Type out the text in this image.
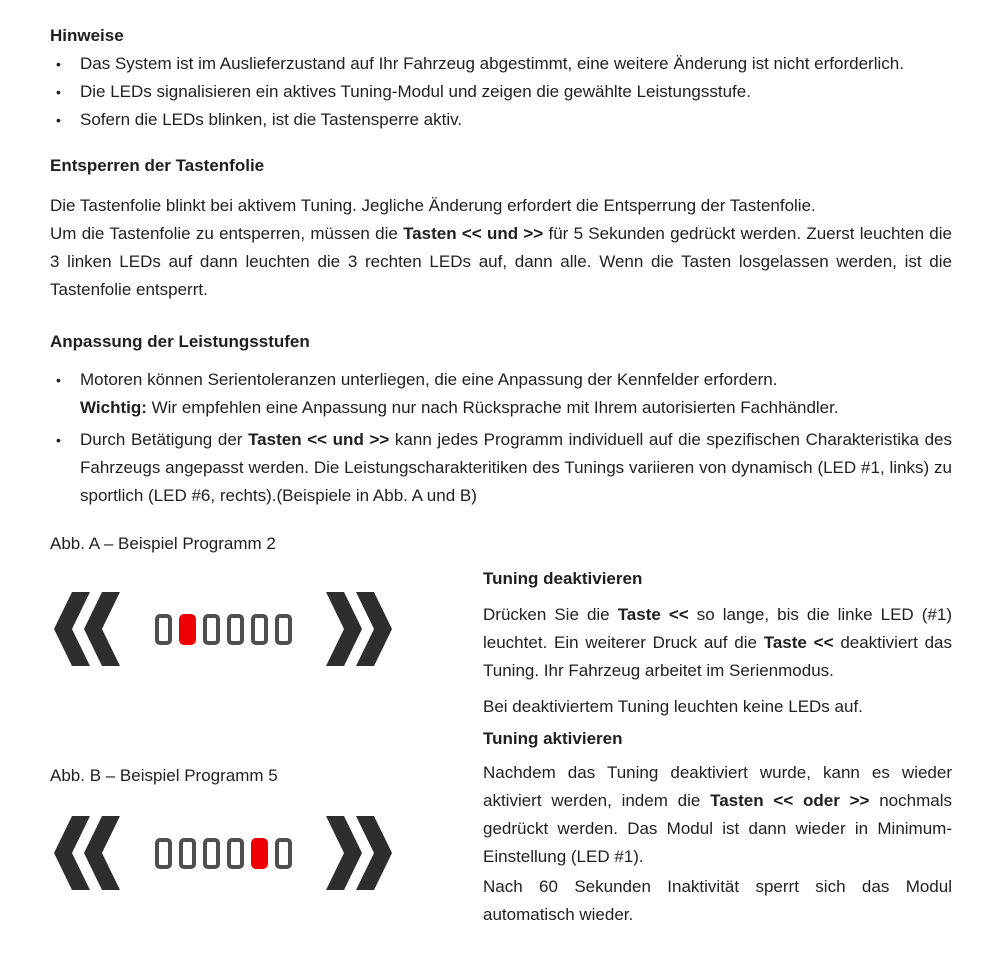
Hinweise
•	Das System ist im Auslieferzustand auf Ihr Fahrzeug abgestimmt, eine weitere Änderung ist nicht erforderlich.

•	Die LEDs signalisieren ein aktives Tuning-Modul und zeigen die gewählte Leistungsstufe.

•	Sofern die LEDs blinken, ist die Tastensperre aktiv.

Entsperren der Tastenfolie

Die Tastenfolie blinkt bei aktivem Tuning. Jegliche Änderung erfordert die Entsperrung der Tastenfolie.

Um die Tastenfolie zu entsperren, müssen die Tasten << und >> für 5 Sekunden gedrückt werden. Zuerst leuchten die 3 linken LEDs auf dann leuchten die 3 rechten LEDs auf, dann alle. Wenn die Tasten losgelassen werden, ist die Tastenfolie entsperrt.

Anpassung der Leistungsstufen
•	Motoren können Serientoleranzen unterliegen, die eine Anpassung der Kennfelder erfordern.
Wichtig: Wir empfehlen eine Anpassung nur nach Rücksprache mit Ihrem autorisierten Fachhändler.

•	Durch Betätigung der Tasten << und >> kann jedes Programm individuell auf die spezifischen Charakteristika des Fahrzeugs angepasst werden. Die Leistungscharakteritiken des Tunings variieren von dynamisch (LED #1, links) zu sportlich (LED #6, rechts).(Beispiele in Abb. A und B)

Abb. A – Beispiel Programm 2

Abb. B – Beispiel Programm 5

Tuning deaktivieren

Drücken Sie die Taste << so lange, bis die linke LED (#1) leuchtet. Ein weiterer Druck auf die Taste << deaktiviert das Tuning. Ihr Fahrzeug arbeitet im Serienmodus.

Bei deaktiviertem Tuning leuchten keine LEDs auf.

Tuning aktivieren

Nachdem das Tuning deaktiviert wurde, kann es wieder aktiviert werden, indem die Tasten << oder >> nochmals gedrückt werden. Das Modul ist dann wieder in Minimum-Einstellung (LED #1).

Nach 60 Sekunden Inaktivität sperrt sich das Modul automatisch wieder.
